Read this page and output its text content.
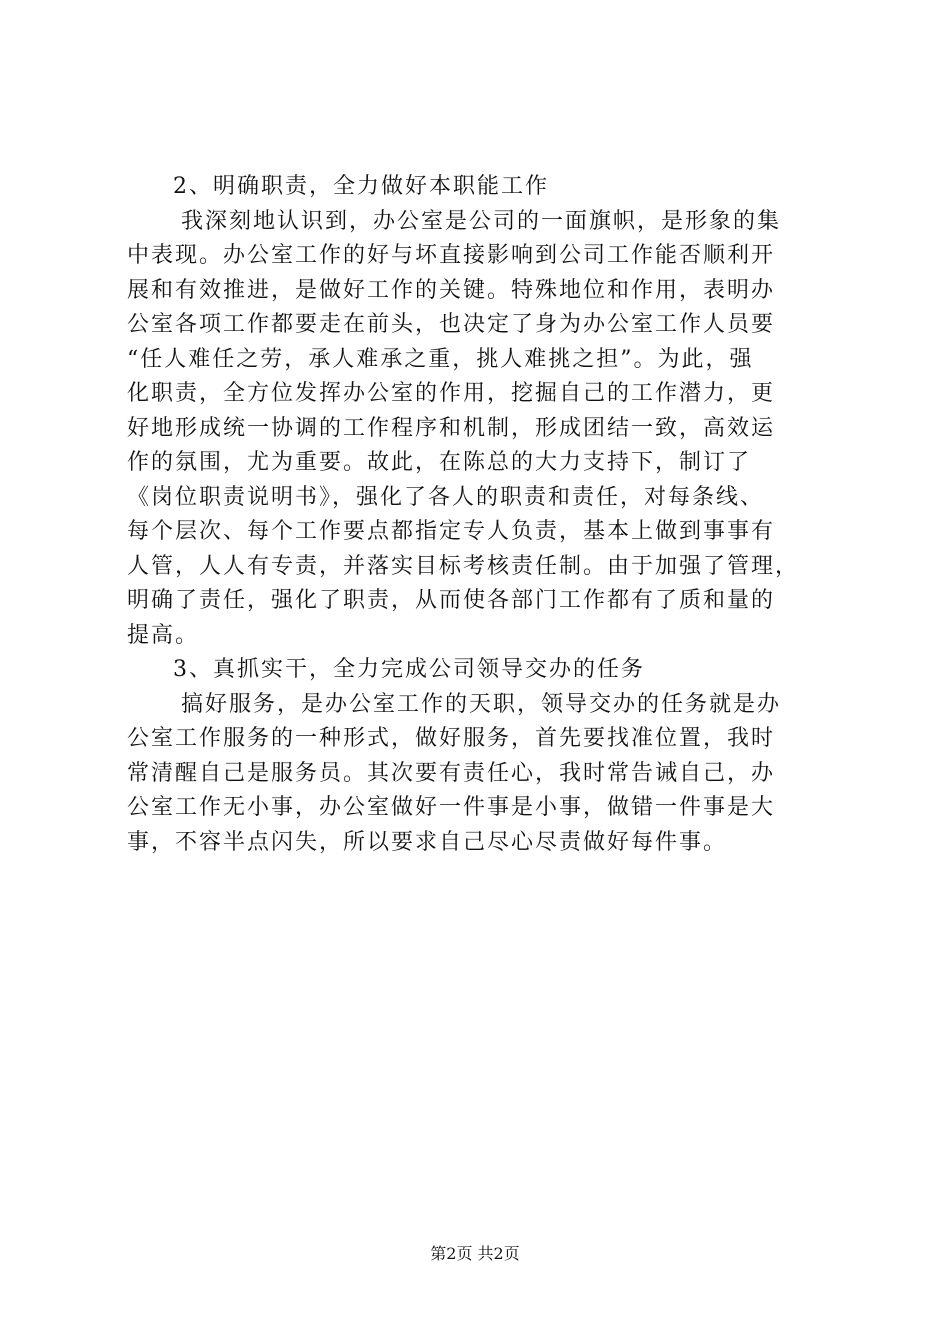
2、明确职责，全力做好本职能工作
我深刻地认识到，办公室是公司的一面旗帜，是形象的集
中表现。办公室工作的好与坏直接影响到公司工作能否顺利开
展和有效推进，是做好工作的关键。特殊地位和作用，表明办
公室各项工作都要走在前头，也决定了身为办公室工作人员要
“任人难任之劳，承人难承之重，挑人难挑之担”。为此，强
化职责，全方位发挥办公室的作用，挖掘自己的工作潜力，更
好地形成统一协调的工作程序和机制，形成团结一致，高效运
作的氛围，尤为重要。故此，在陈总的大力支持下，制订了
《岗位职责说明书》，强化了各人的职责和责任，对每条线、
每个层次、每个工作要点都指定专人负责，基本上做到事事有
人管，人人有专责，并落实目标考核责任制。由于加强了管理，
明确了责任，强化了职责，从而使各部门工作都有了质和量的
提高。
3、真抓实干，全力完成公司领导交办的任务
搞好服务，是办公室工作的天职，领导交办的任务就是办
公室工作服务的一种形式，做好服务，首先要找准位置，我时
常清醒自己是服务员。其次要有责任心，我时常告诫自己，办
公室工作无小事，办公室做好一件事是小事，做错一件事是大
事，不容半点闪失，所以要求自己尽心尽责做好每件事。
第2页 共2页
